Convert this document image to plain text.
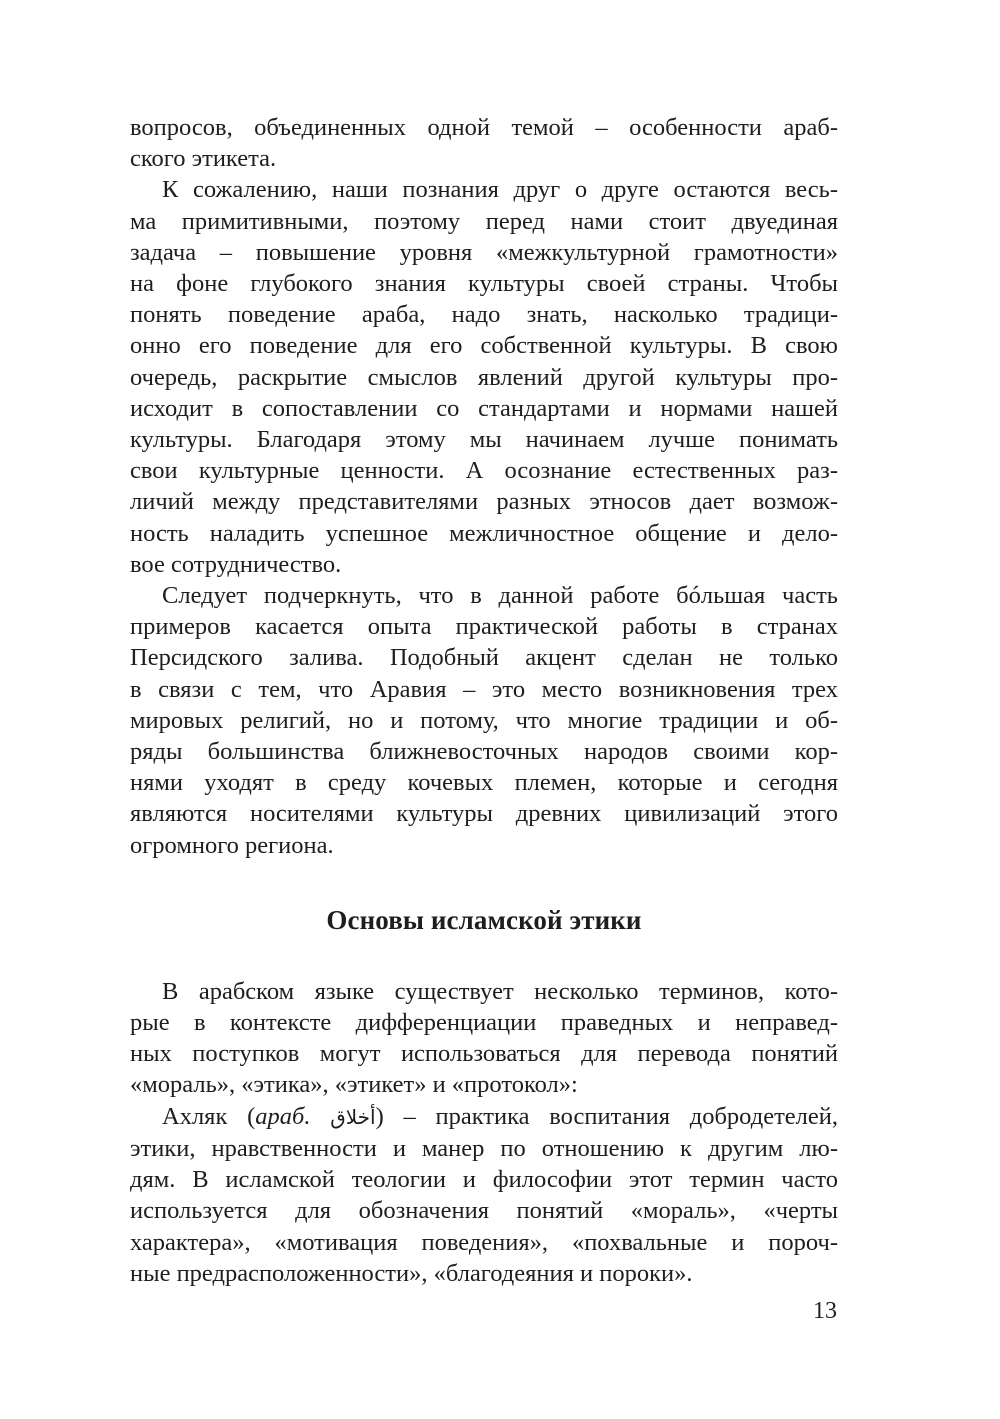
вопросов, объединенных одной темой – особенности араб-
ского этикета.

К сожалению, наши познания друг о друге остаются весь-
ма примитивными, поэтому перед нами стоит двуединая
задача – повышение уровня «межкультурной грамотности»
на фоне глубокого знания культуры своей страны. Чтобы
понять поведение араба, надо знать, насколько традици-
онно его поведение для его собственной культуры. В свою
очередь, раскрытие смыслов явлений другой культуры про-
исходит в сопоставлении со стандартами и нормами нашей
культуры. Благодаря этому мы начинаем лучше понимать
свои культурные ценности. А осознание естественных раз-
личий между представителями разных этносов дает возмож-
ность наладить успешное межличностное общение и дело-
вое сотрудничество.

Следует подчеркнуть, что в данной работе бóльшая часть
примеров касается опыта практической работы в странах
Персидского залива. Подобный акцент сделан не только
в связи с тем, что Аравия – это место возникновения трех
мировых религий, но и потому, что многие традиции и об-
ряды большинства ближневосточных народов своими кор-
нями уходят в среду кочевых племен, которые и сегодня
являются носителями культуры древних цивилизаций этого
огромного региона.

Основы исламской этики

В арабском языке существует несколько терминов, кото-
рые в контексте дифференциации праведных и неправед-
ных поступков могут использоваться для перевода понятий
«мораль», «этика», «этикет» и «протокол»:

Ахляк (араб. أخلاق) – практика воспитания добродетелей,
этики, нравственности и манер по отношению к другим лю-
дям. В исламской теологии и философии этот термин часто
используется для обозначения понятий «мораль», «черты
характера», «мотивация поведения», «похвальные и пороч-
ные предрасположенности», «благодеяния и пороки».

13
